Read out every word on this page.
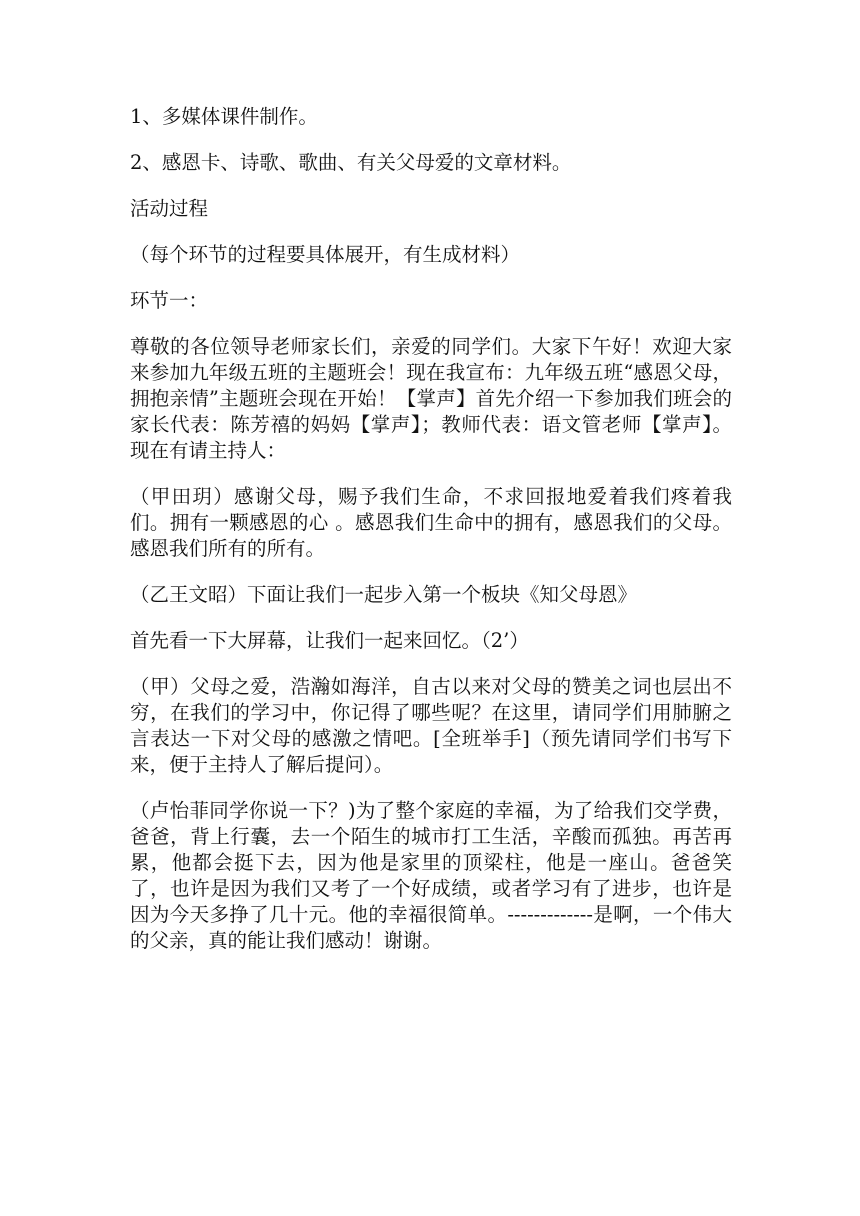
1、多媒体课件制作。

2、感恩卡、诗歌、歌曲、有关父母爱的文章材料。

活动过程

（每个环节的过程要具体展开，有生成材料）

环节一：

尊敬的各位领导老师家长们，亲爱的同学们。大家下午好！欢迎大家来参加九年级五班的主题班会！现在我宣布：九年级五班“感恩父母，拥抱亲情”主题班会现在开始！【掌声】首先介绍一下参加我们班会的家长代表：陈芳禧的妈妈【掌声】；教师代表：语文管老师【掌声】。现在有请主持人：

（甲田玥）感谢父母，赐予我们生命，不求回报地爱着我们疼着我们。拥有一颗感恩的心 。感恩我们生命中的拥有，感恩我们的父母。感恩我们所有的所有。

（乙王文昭）下面让我们一起步入第一个板块《知父母恩》

首先看一下大屏幕，让我们一起来回忆。（2’）

（甲）父母之爱，浩瀚如海洋，自古以来对父母的赞美之词也层出不穷，在我们的学习中，你记得了哪些呢？在这里，请同学们用肺腑之言表达一下对父母的感激之情吧。[全班举手]（预先请同学们书写下来，便于主持人了解后提问）。

（卢怡菲同学你说一下？)为了整个家庭的幸福，为了给我们交学费，爸爸，背上行囊，去一个陌生的城市打工生活，辛酸而孤独。再苦再累，他都会挺下去，因为他是家里的顶梁柱，他是一座山。爸爸笑了，也许是因为我们又考了一个好成绩，或者学习有了进步，也许是因为今天多挣了几十元。他的幸福很简单。-------------是啊，一个伟大的父亲，真的能让我们感动！谢谢。
